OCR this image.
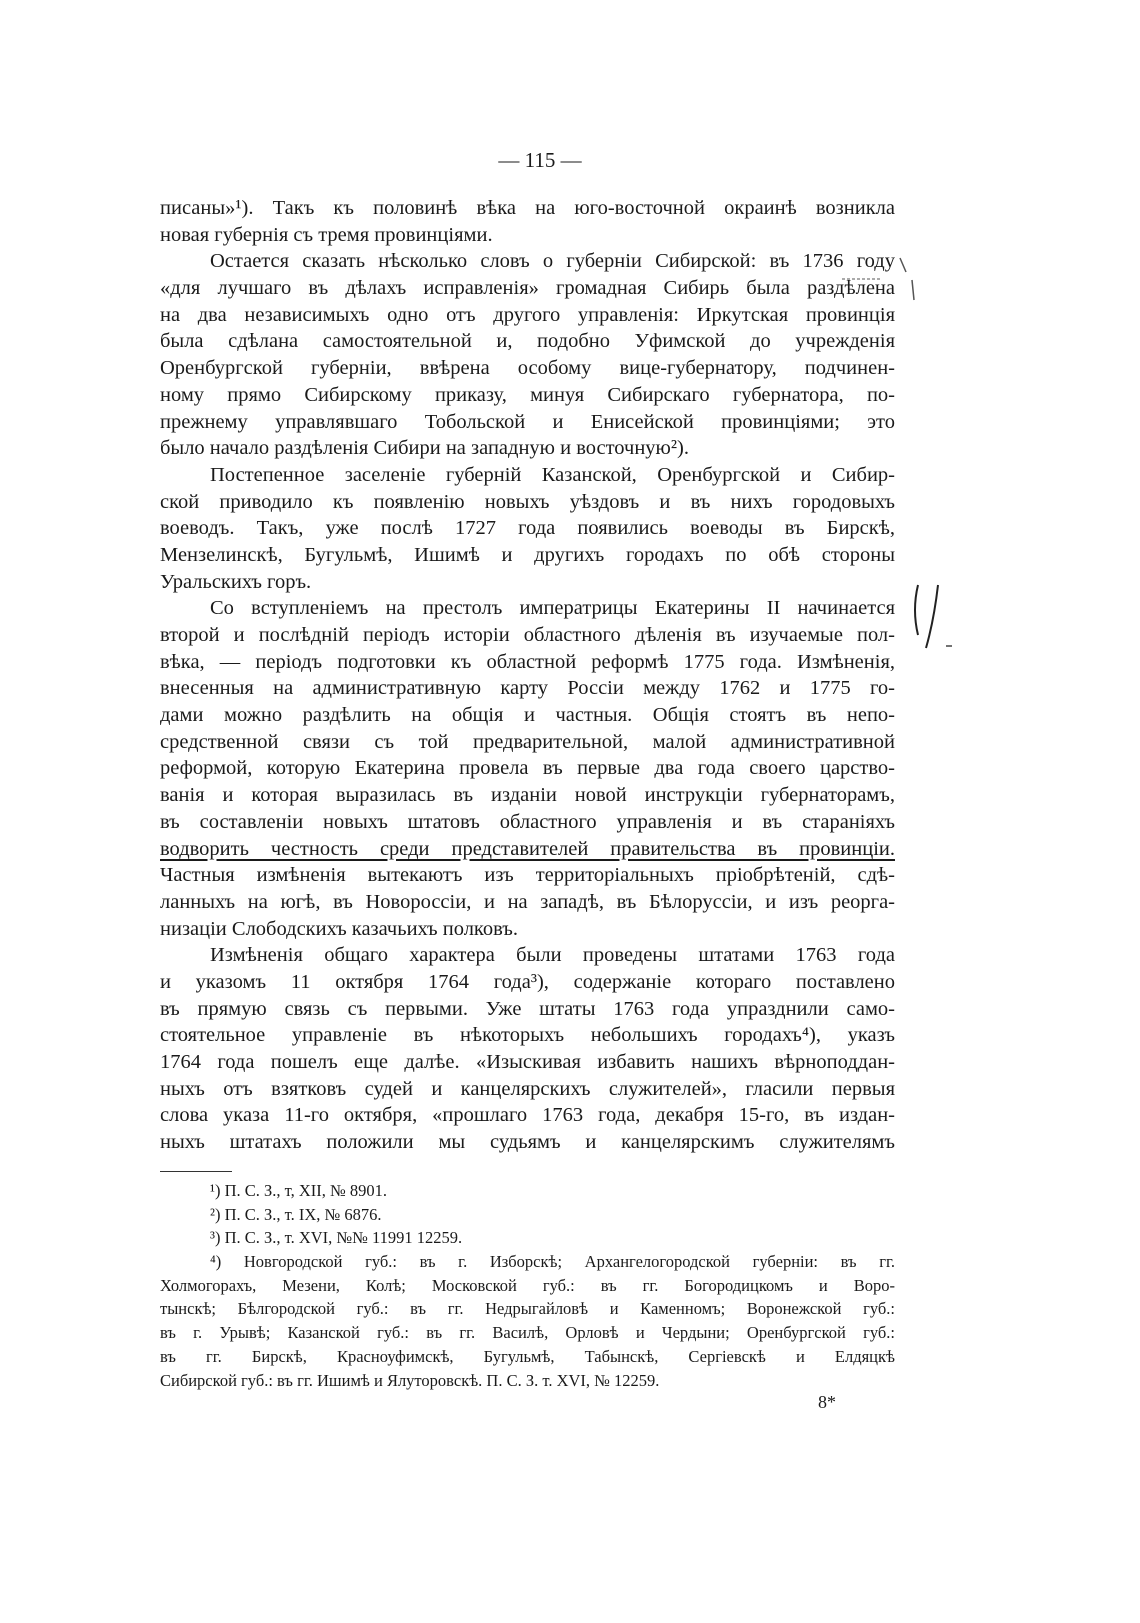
— 115 —
писаны»¹). Такъ къ половинѣ вѣка на юго-восточной окраинѣ возникла
новая губернія съ тремя провинціями.
Остается сказать нѣсколько словъ о губерніи Сибирской: въ 1736 году
«для лучшаго въ дѣлахъ исправленія» громадная Сибирь была раздѣлена
на два независимыхъ одно отъ другого управленія: Иркутская провинція
была сдѣлана самостоятельной и, подобно Уфимской до учрежденія
Оренбургской губерніи, ввѣрена особому вице-губернатору, подчинен-
ному прямо Сибирскому приказу, минуя Сибирскаго губернатора, по-
прежнему управлявшаго Тобольской и Енисейской провинціями; это
было начало раздѣленія Сибири на западную и восточную²).
Постепенное заселеніе губерній Казанской, Оренбургской и Сибир-
ской приводило къ появленію новыхъ уѣздовъ и въ нихъ городовыхъ
воеводъ. Такъ, уже послѣ 1727 года появились воеводы въ Бирскѣ,
Мензелинскѣ, Бугульмѣ, Ишимѣ и другихъ городахъ по обѣ стороны
Уральскихъ горъ.
Со вступленіемъ на престолъ императрицы Екатерины II начинается
второй и послѣдній періодъ исторіи областного дѣленія въ изучаемые пол-
вѣка, — періодъ подготовки къ областной реформѣ 1775 года. Измѣненія,
внесенныя на административную карту Россіи между 1762 и 1775 го-
дами можно раздѣлить на общія и частныя. Общія стоятъ въ непо-
средственной связи съ той предварительной, малой административной
реформой, которую Екатерина провела въ первые два года своего царство-
ванія и которая выразилась въ изданіи новой инструкціи губернаторамъ,
въ составленіи новыхъ штатовъ областного управленія и въ стараніяхъ
водворить честность среди представителей правительства въ провинціи.
Частныя измѣненія вытекаютъ изъ территоріальныхъ пріобрѣтеній, сдѣ-
ланныхъ на югѣ, въ Новороссіи, и на западѣ, въ Бѣлоруссіи, и изъ реорга-
низаціи Слободскихъ казачьихъ полковъ.
Измѣненія общаго характера были проведены штатами 1763 года
и указомъ 11 октября 1764 года³), содержаніе котораго поставлено
въ прямую связь съ первыми. Уже штаты 1763 года упразднили само-
стоятельное управленіе въ нѣкоторыхъ небольшихъ городахъ⁴), указъ
1764 года пошелъ еще далѣе. «Изыскивая избавить нашихъ вѣрноподдан-
ныхъ отъ взятковъ судей и канцелярскихъ служителей», гласили первыя
слова указа 11-го октября, «прошлаго 1763 года, декабря 15-го, въ издан-
ныхъ штатахъ положили мы судьямъ и канцелярскимъ служителямъ
¹) П. С. З., т, XII, № 8901.
²) П. С. З., т. IX, № 6876.
³) П. С. З., т. XVI, №№ 11991 12259.
⁴) Новгородской губ.: въ г. Изборскѣ; Архангелогородской губерніи: въ гг.
Холмогорахъ, Мезени, Колѣ; Московской губ.: въ гг. Богородицкомъ и Воро-
тынскѣ; Бѣлгородской губ.: въ гг. Недрыгайловѣ и Каменномъ; Воронежской губ.:
въ г. Урывѣ; Казанской губ.: въ гг. Василѣ, Орловѣ и Чердыни; Оренбургской губ.:
въ гг. Бирскѣ, Красноуфимскѣ, Бугульмѣ, Табынскѣ, Сергіевскѣ и Елдяцкѣ
Сибирской губ.: въ гг. Ишимѣ и Ялуторовскѣ. П. С. З. т. XVI, № 12259.
8*
